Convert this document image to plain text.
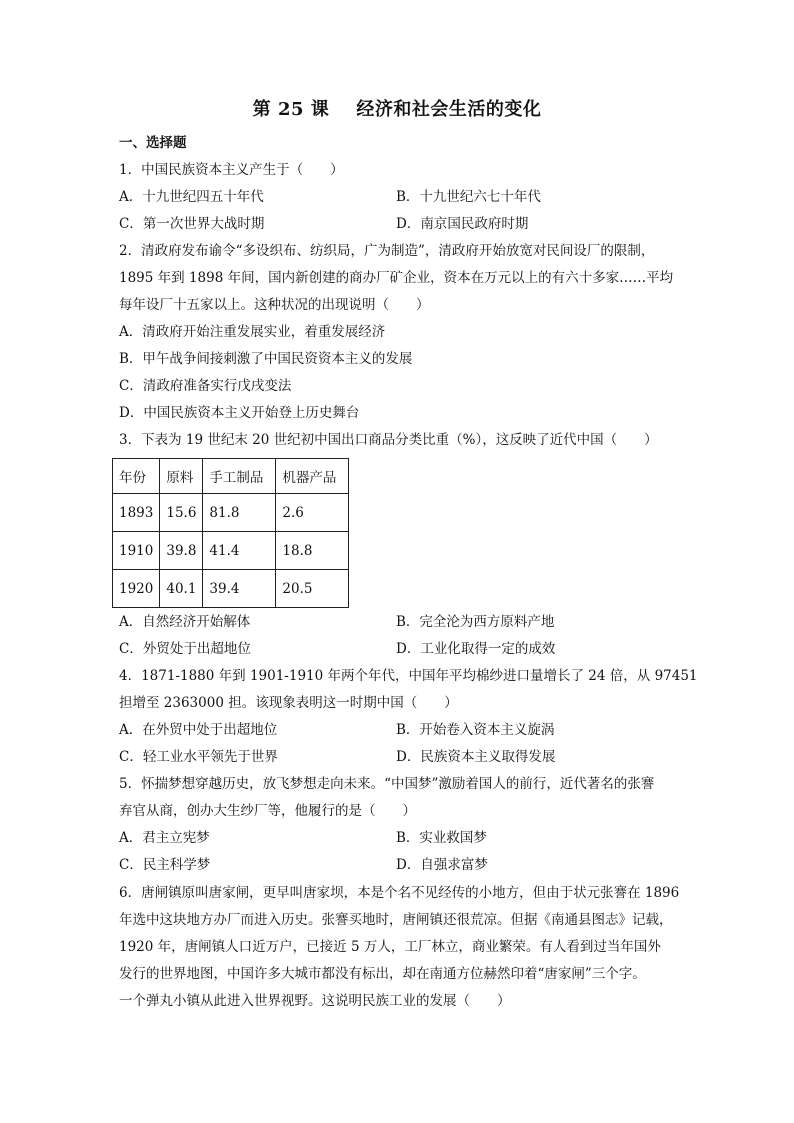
第 25 课    经济和社会生活的变化
一、选择题
1．中国民族资本主义产生于（　　）
A．十九世纪四五十年代	B．十九世纪六七十年代
C．第一次世界大战时期	D．南京国民政府时期
2．清政府发布谕令“多设织布、纺织局，广为制造”，清政府开始放宽对民间设厂的限制，
1895 年到 1898 年间，国内新创建的商办厂矿企业，资本在万元以上的有六十多家……平均
每年设厂十五家以上。这种状况的出现说明（　　）
A．清政府开始注重发展实业，着重发展经济
B．甲午战争间接刺激了中国民资资本主义的发展
C．清政府准备实行戊戌变法
D．中国民族资本主义开始登上历史舞台
3．下表为 19 世纪末 20 世纪初中国出口商品分类比重（%），这反映了近代中国（　　）
年份	原料	手工制品	机器产品
1893	15.6	81.8	2.6
1910	39.8	41.4	18.8
1920	40.1	39.4	20.5
A．自然经济开始解体	B．完全沦为西方原料产地
C．外贸处于出超地位	D．工业化取得一定的成效
4．1871-1880 年到 1901-1910 年两个年代，中国年平均棉纱进口量增长了 24 倍，从 97451
担增至 2363000 担。该现象表明这一时期中国（　　）
A．在外贸中处于出超地位	B．开始卷入资本主义旋涡
C．轻工业水平领先于世界	D．民族资本主义取得发展
5．怀揣梦想穿越历史，放飞梦想走向未来。“中国梦”激励着国人的前行，近代著名的张謇
弃官从商，创办大生纱厂等，他履行的是（　　）
A．君主立宪梦	B．实业救国梦
C．民主科学梦	D．自强求富梦
6．唐闸镇原叫唐家闸，更早叫唐家坝，本是个名不见经传的小地方，但由于状元张謇在 1896
年选中这块地方办厂而进入历史。张謇买地时，唐闸镇还很荒凉。但据《南通县图志》记载，
1920 年，唐闸镇人口近万户，已接近 5 万人，工厂林立，商业繁荣。有人看到过当年国外
发行的世界地图，中国许多大城市都没有标出，却在南通方位赫然印着“唐家闸”三个字。
一个弹丸小镇从此进入世界视野。这说明民族工业的发展（　　）
